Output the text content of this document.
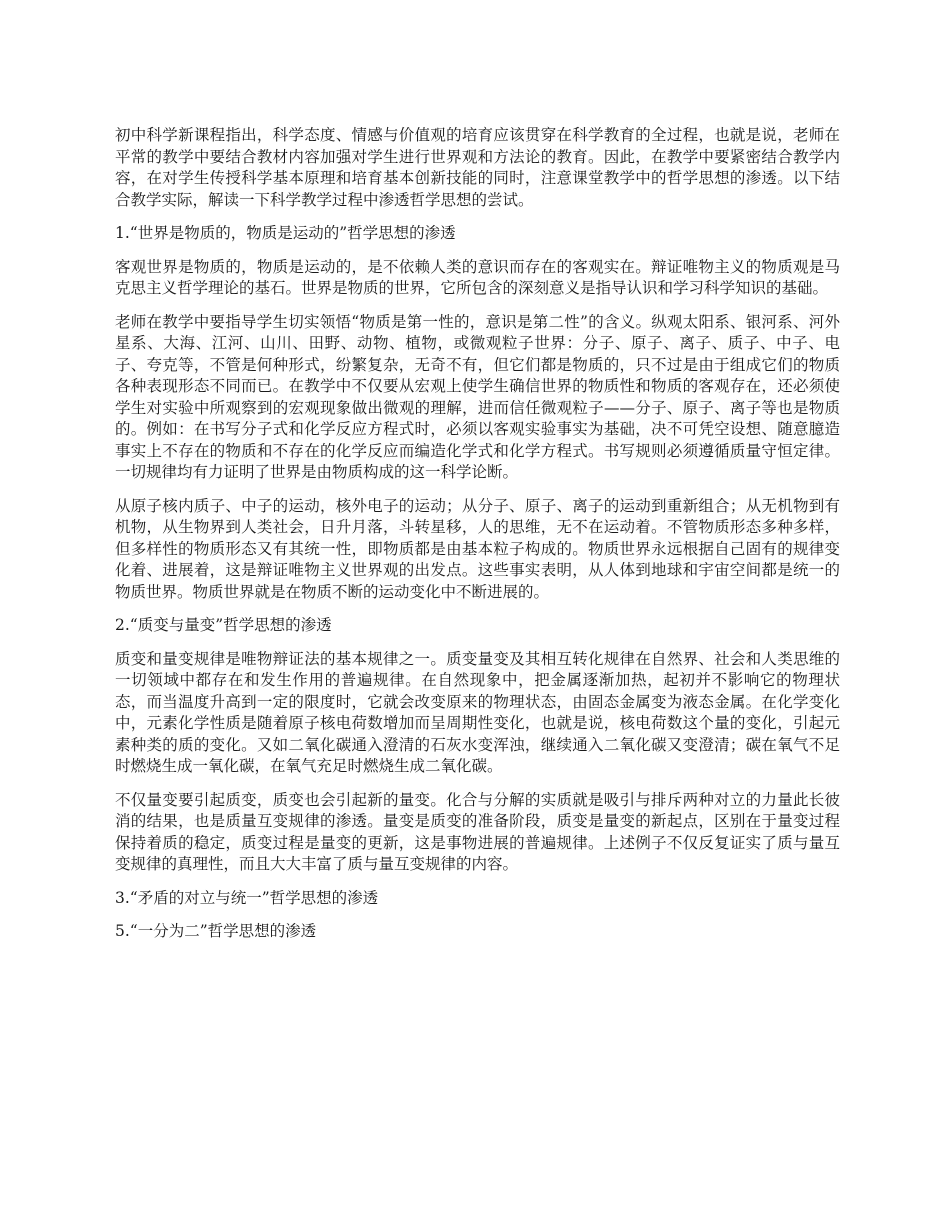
初中科学新课程指出，科学态度、情感与价值观的培育应该贯穿在科学教育的全过程，也就是说，老师在平常的教学中要结合教材内容加强对学生进行世界观和方法论的教育。因此，在教学中要紧密结合教学内容，在对学生传授科学基本原理和培育基本创新技能的同时，注意课堂教学中的哲学思想的渗透。以下结合教学实际，解读一下科学教学过程中渗透哲学思想的尝试。

1.“世界是物质的，物质是运动的”哲学思想的渗透

客观世界是物质的，物质是运动的，是不依赖人类的意识而存在的客观实在。辩证唯物主义的物质观是马克思主义哲学理论的基石。世界是物质的世界，它所包含的深刻意义是指导认识和学习科学知识的基础。

老师在教学中要指导学生切实领悟“物质是第一性的，意识是第二性”的含义。纵观太阳系、银河系、河外星系、大海、江河、山川、田野、动物、植物，或微观粒子世界：分子、原子、离子、质子、中子、电子、夸克等，不管是何种形式，纷繁复杂，无奇不有，但它们都是物质的，只不过是由于组成它们的物质各种表现形态不同而已。在教学中不仅要从宏观上使学生确信世界的物质性和物质的客观存在，还必须使学生对实验中所观察到的宏观现象做出微观的理解，进而信任微观粒子——分子、原子、离子等也是物质的。例如：在书写分子式和化学反应方程式时，必须以客观实验事实为基础，决不可凭空设想、随意臆造事实上不存在的物质和不存在的化学反应而编造化学式和化学方程式。书写规则必须遵循质量守恒定律。一切规律均有力证明了世界是由物质构成的这一科学论断。

从原子核内质子、中子的运动，核外电子的运动；从分子、原子、离子的运动到重新组合；从无机物到有机物，从生物界到人类社会，日升月落，斗转星移，人的思维，无不在运动着。不管物质形态多种多样，但多样性的物质形态又有其统一性，即物质都是由基本粒子构成的。物质世界永远根据自己固有的规律变化着、进展着，这是辩证唯物主义世界观的出发点。这些事实表明，从人体到地球和宇宙空间都是统一的物质世界。物质世界就是在物质不断的运动变化中不断进展的。

2.“质变与量变”哲学思想的渗透

质变和量变规律是唯物辩证法的基本规律之一。质变量变及其相互转化规律在自然界、社会和人类思维的一切领域中都存在和发生作用的普遍规律。在自然现象中，把金属逐渐加热，起初并不影响它的物理状态，而当温度升高到一定的限度时，它就会改变原来的物理状态，由固态金属变为液态金属。在化学变化中，元素化学性质是随着原子核电荷数增加而呈周期性变化，也就是说，核电荷数这个量的变化，引起元素种类的质的变化。又如二氧化碳通入澄清的石灰水变浑浊，继续通入二氧化碳又变澄清；碳在氧气不足时燃烧生成一氧化碳，在氧气充足时燃烧生成二氧化碳。

不仅量变要引起质变，质变也会引起新的量变。化合与分解的实质就是吸引与排斥两种对立的力量此长彼消的结果，也是质量互变规律的渗透。量变是质变的准备阶段，质变是量变的新起点，区别在于量变过程保持着质的稳定，质变过程是量变的更新，这是事物进展的普遍规律。上述例子不仅反复证实了质与量互变规律的真理性，而且大大丰富了质与量互变规律的内容。

3.“矛盾的对立与统一”哲学思想的渗透

5.“一分为二”哲学思想的渗透
